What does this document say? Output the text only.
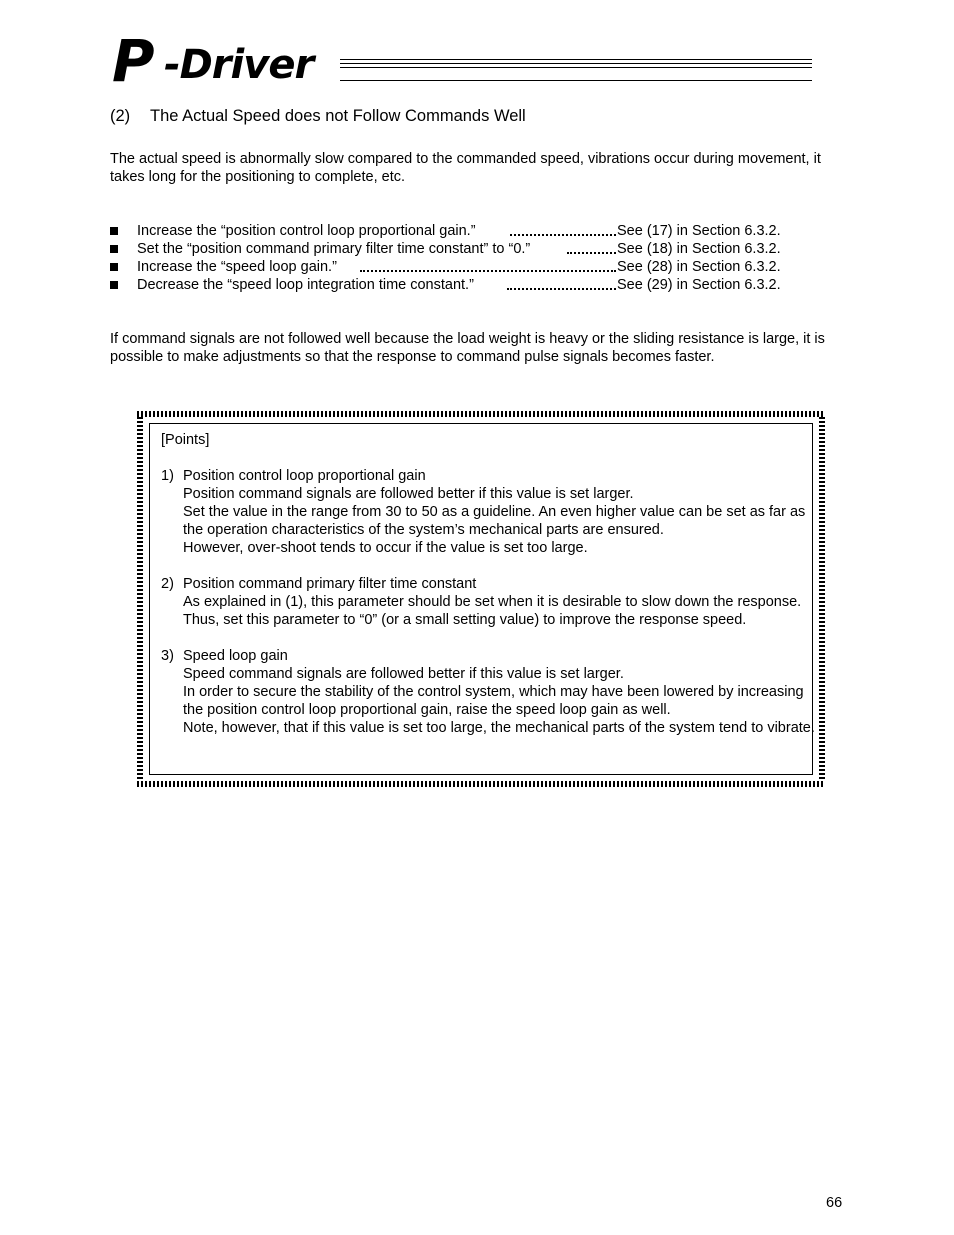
P -Driver
(2) The Actual Speed does not Follow Commands Well
The actual speed is abnormally slow compared to the commanded speed, vibrations occur during movement, it takes long for the positioning to complete, etc.
Increase the “position control loop proportional gain.”	See (17) in Section 6.3.2.
Set the “position command primary filter time constant” to “0.”	See (18) in Section 6.3.2.
Increase the “speed loop gain.”	See (28) in Section 6.3.2.
Decrease the “speed loop integration time constant.”	See (29) in Section 6.3.2.
If command signals are not followed well because the load weight is heavy or the sliding resistance is large, it is possible to make adjustments so that the response to command pulse signals becomes faster.
[Points]
1) Position control loop proportional gain
Position command signals are followed better if this value is set larger.
Set the value in the range from 30 to 50 as a guideline. An even higher value can be set as far as the operation characteristics of the system’s mechanical parts are ensured.
However, over-shoot tends to occur if the value is set too large.
2) Position command primary filter time constant
As explained in (1), this parameter should be set when it is desirable to slow down the response. Thus, set this parameter to “0” (or a small setting value) to improve the response speed.
3) Speed loop gain
Speed command signals are followed better if this value is set larger.
In order to secure the stability of the control system, which may have been lowered by increasing the position control loop proportional gain, raise the speed loop gain as well.
Note, however, that if this value is set too large, the mechanical parts of the system tend to vibrate.
66
